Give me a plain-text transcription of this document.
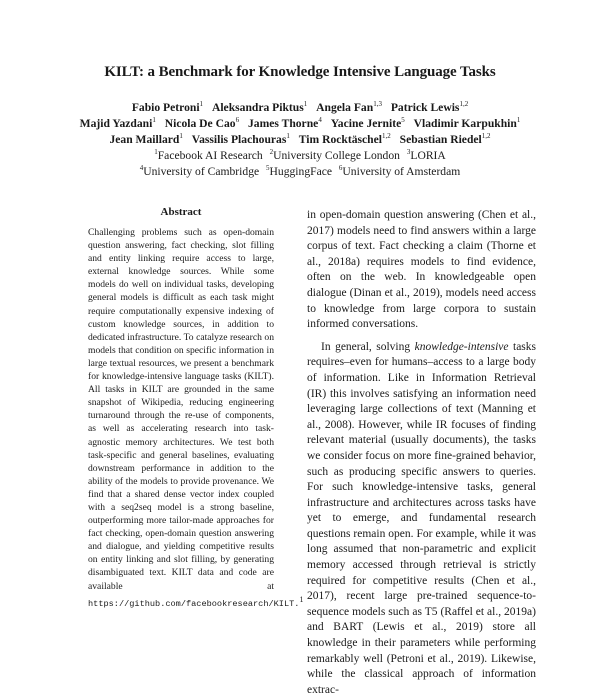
KILT: a Benchmark for Knowledge Intensive Language Tasks
Fabio Petroni$^1$ Aleksandra Piktus$^1$ Angela Fan$^{1,3}$ Patrick Lewis$^{1,2}$
Majid Yazdani$^1$ Nicola De Cao$^6$ James Thorne$^4$ Yacine Jernite$^5$ Vladimir Karpukhin$^1$
Jean Maillard$^1$ Vassilis Plachouras$^1$ Tim Rocktäschel$^{1,2}$ Sebastian Riedel$^{1,2}$
$^1$Facebook AI Research $^2$University College London $^3$LORIA
$^4$University of Cambridge $^5$HuggingFace $^6$University of Amsterdam
Abstract
Challenging problems such as open-domain question answering, fact checking, slot filling and entity linking require access to large, external knowledge sources. While some models do well on individual tasks, developing general models is difficult as each task might require computationally expensive indexing of custom knowledge sources, in addition to dedicated infrastructure. To catalyze research on models that condition on specific information in large textual resources, we present a benchmark for knowledge-intensive language tasks (KILT). All tasks in KILT are grounded in the same snapshot of Wikipedia, reducing engineering turnaround through the re-use of components, as well as accelerating research into task-agnostic memory architectures. We test both task-specific and general baselines, evaluating downstream performance in addition to the ability of the models to provide provenance. We find that a shared dense vector index coupled with a seq2seq model is a strong baseline, outperforming more tailor-made approaches for fact checking, open-domain question answering and dialogue, and yielding competitive results on entity linking and slot filling, by generating disambiguated text. KILT data and code are available at https://github.com/facebookresearch/KILT.$^1$

in open-domain question answering (Chen et al., 2017) models need to find answers within a large corpus of text. Fact checking a claim (Thorne et al., 2018a) requires models to find evidence, often on the web. In knowledgeable open dialogue (Dinan et al., 2019), models need access to knowledge from large corpora to sustain informed conversations.

In general, solving knowledge-intensive tasks requires–even for humans–access to a large body of information. Like in Information Retrieval (IR) this involves satisfying an information need leveraging large collections of text (Manning et al., 2008). However, while IR focuses of finding relevant material (usually documents), the tasks we consider focus on more fine-grained behavior, such as producing specific answers to queries. For such knowledge-intensive tasks, general infrastructure and architectures across tasks have yet to emerge, and fundamental research questions remain open. For example, while it was long assumed that non-parametric and explicit memory accessed through retrieval is strictly required for competitive results (Chen et al., 2017), recent large pre-trained sequence-to-sequence models such as T5 (Raffel et al., 2019a) and BART (Lewis et al., 2019) store all knowledge in their parameters while performing remarkably well (Petroni et al., 2019). Likewise, while the classical approach of information extrac-
